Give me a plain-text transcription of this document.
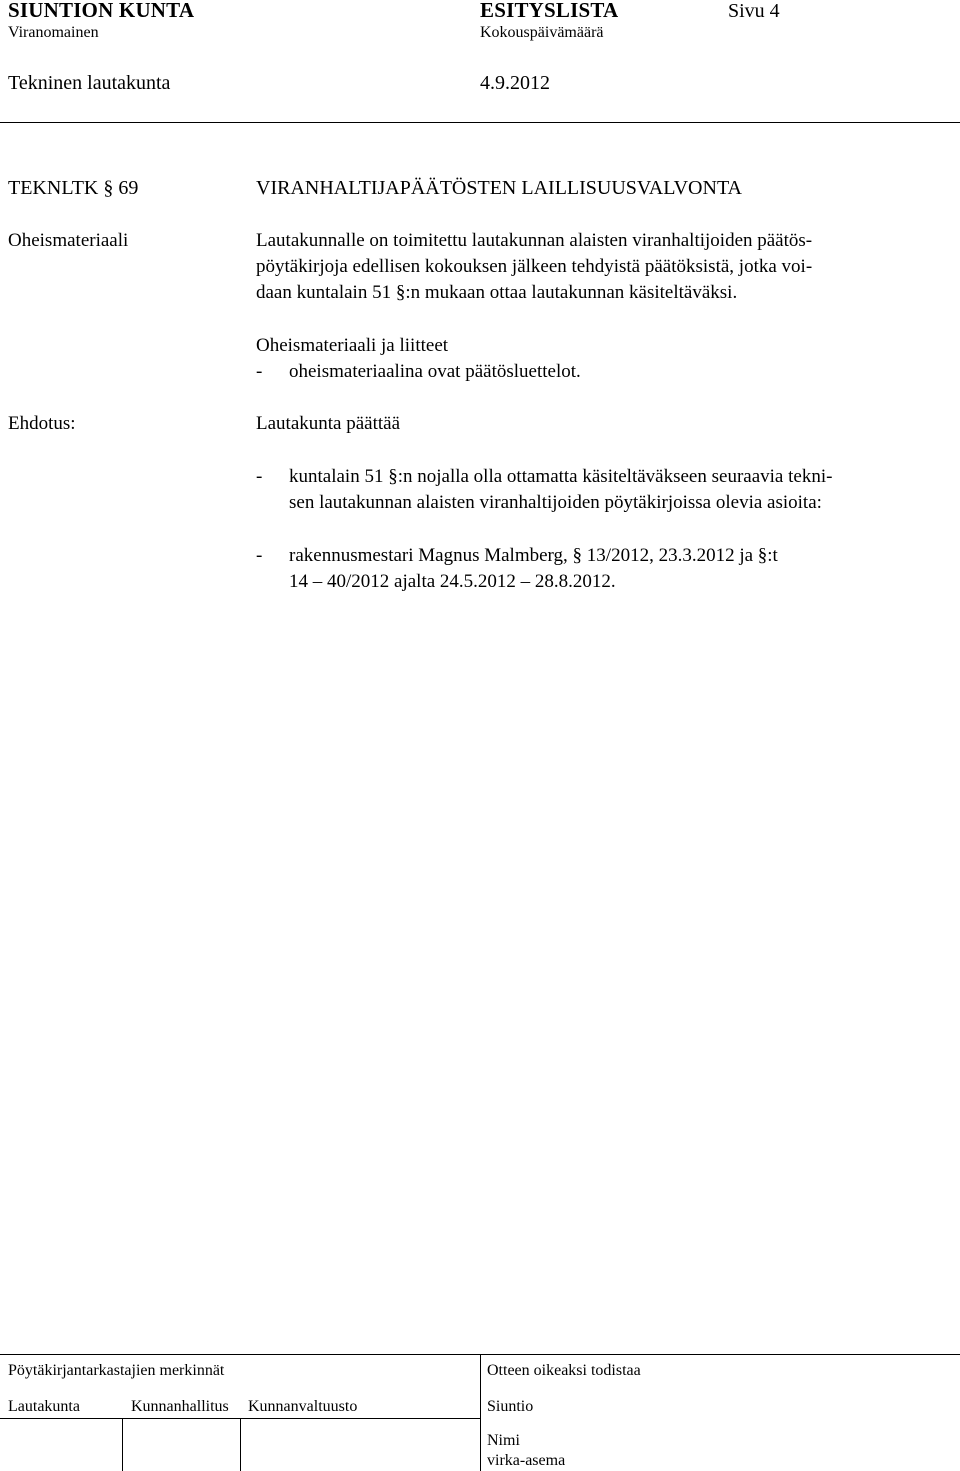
SIUNTION KUNTA	ESITYSLISTA	Sivu 4
Viranomainen	Kokouspäivämäärä
Tekninen lautakunta	4.9.2012
TEKNLTK § 69	VIRANHALTIJAPÄÄTÖSTEN LAILLISUUSVALVONTA
Oheismateriaali	Lautakunnalle on toimitettu lautakunnan alaisten viranhaltijoiden päätös-
pöytäkirjoja edellisen kokouksen jälkeen tehdyistä päätöksistä, jotka voi-
daan kuntalain 51 §:n mukaan ottaa lautakunnan käsiteltäväksi.
Oheismateriaali ja liitteet
- oheismateriaalina ovat päätösluettelot.
Ehdotus:	Lautakunta päättää
- kuntalain 51 §:n nojalla olla ottamatta käsiteltäväkseen seuraavia tekni-
sen lautakunnan alaisten viranhaltijoiden pöytäkirjoissa olevia asioita:
- rakennusmestari Magnus Malmberg, § 13/2012, 23.3.2012 ja §:t
14 – 40/2012 ajalta 24.5.2012 – 28.8.2012.
Pöytäkirjantarkastajien merkinnät	Otteen oikeaksi todistaa
Lautakunta	Kunnanhallitus Kunnanvaltuusto	Siuntio
Nimi
virka-asema
